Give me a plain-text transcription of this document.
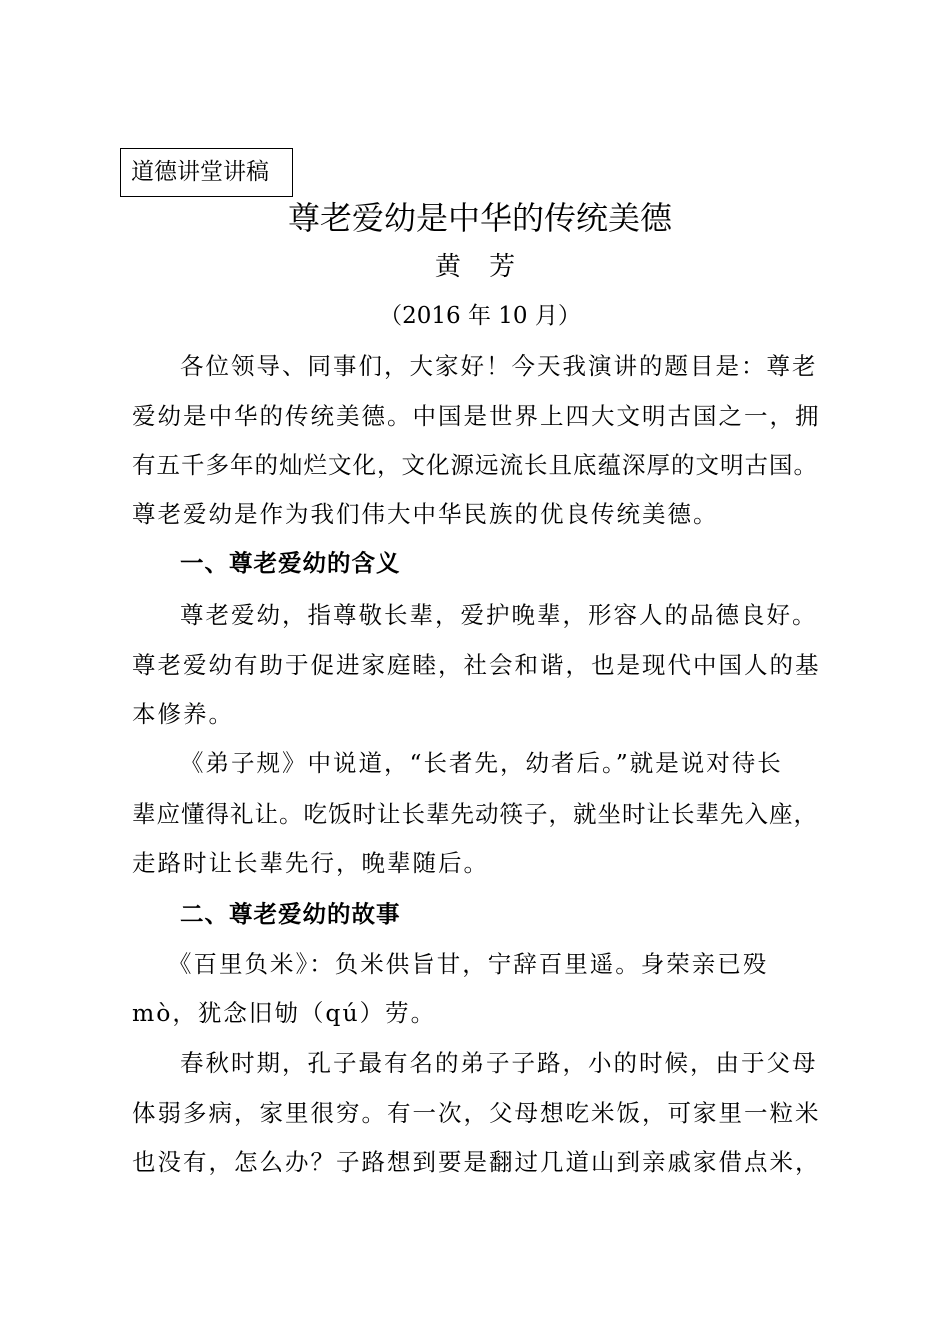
道德讲堂讲稿
尊老爱幼是中华的传统美德
黄 芳
（2016 年 10 月）
各位领导、同事们，大家好！今天我演讲的题目是：尊老
爱幼是中华的传统美德。中国是世界上四大文明古国之一，拥
有五千多年的灿烂文化，文化源远流长且底蕴深厚的文明古国。
尊老爱幼是作为我们伟大中华民族的优良传统美德。
一、尊老爱幼的含义
尊老爱幼，指尊敬长辈，爱护晚辈，形容人的品德良好。
尊老爱幼有助于促进家庭睦，社会和谐，也是现代中国人的基
本修养。
《弟子规》中说道，“长者先，幼者后。”就是说对待长
辈应懂得礼让。吃饭时让长辈先动筷子，就坐时让长辈先入座，
走路时让长辈先行，晚辈随后。
二、尊老爱幼的故事
《百里负米》：负米供旨甘，宁辞百里遥。身荣亲已殁
mò，犹念旧劬（qú）劳。
春秋时期，孔子最有名的弟子子路，小的时候，由于父母
体弱多病，家里很穷。有一次，父母想吃米饭，可家里一粒米
也没有，怎么办？子路想到要是翻过几道山到亲戚家借点米，
